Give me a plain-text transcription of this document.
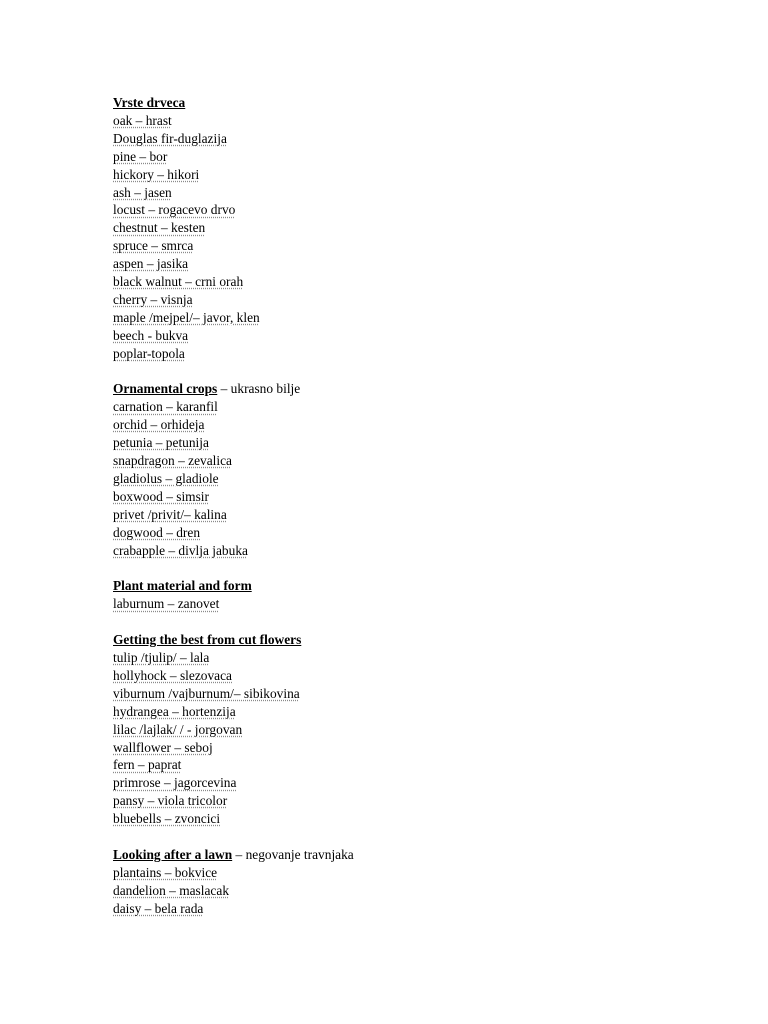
Vrste drveca
oak – hrast
Douglas fir-duglazija
pine – bor
hickory – hikori
ash – jasen
locust – rogacevo drvo
chestnut – kesten
spruce – smrca
aspen – jasika
black walnut – crni orah
cherry – visnja
maple /mejpel/– javor, klen
beech - bukva
poplar-topola
Ornamental crops – ukrasno bilje
carnation – karanfil
orchid – orhideja
petunia – petunija
snapdragon – zevalica
gladiolus – gladiole
boxwood – simsir
privet /privit/– kalina
dogwood – dren
crabapple – divlja jabuka
Plant material and form
laburnum – zanovet
Getting the best from cut flowers
tulip /tjulip/ – lala
hollyhock – slezovaca
viburnum /vajburnum/– sibikovina
hydrangea – hortenzija
lilac /lajlak/ / - jorgovan
wallflower – seboj
fern – paprat
primrose – jagorcevina
pansy – viola tricolor
bluebells – zvoncici
Looking after a lawn – negovanje travnjaka
plantains – bokvice
dandelion – maslacak
daisy – bela rada
